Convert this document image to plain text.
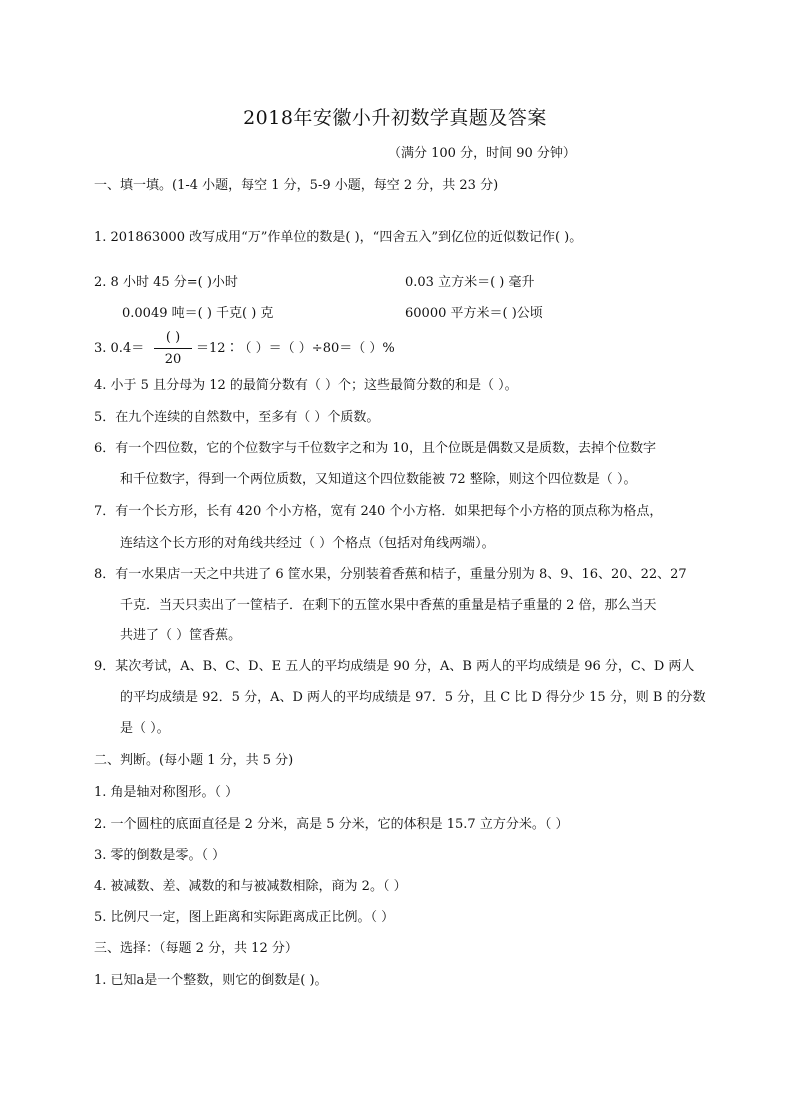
2018年安徽小升初数学真题及答案
（满分 100 分，时间 90 分钟）
一、填一填。(1-4 小题，每空 1 分，5-9 小题，每空 2 分，共 23 分)
1. 201863000 改写成用“万”作单位的数是( )，“四舍五入”到亿位的近似数记作( )。
2. 8 小时 45 分=( )小时	0.03 立方米＝( ) 毫升
0.0049 吨＝( ) 千克( ) 克	60000 平方米＝( )公顷
3. 0.4＝
( )
20
＝12∶（ ）＝（ ）÷80＝（ ）%
4. 小于 5 且分母为 12 的最简分数有（ ）个；这些最简分数的和是（ ）。
5．在九个连续的自然数中，至多有（ ）个质数。
6．有一个四位数，它的个位数字与千位数字之和为 10，且个位既是偶数又是质数，去掉个位数字
和千位数字，得到一个两位质数，又知道这个四位数能被 72 整除，则这个四位数是（ ）。
7．有一个长方形，长有 420 个小方格，宽有 240 个小方格．如果把每个小方格的顶点称为格点，
连结这个长方形的对角线共经过（ ）个格点（包括对角线两端）。
8．有一水果店一天之中共进了 6 筐水果，分别装着香蕉和桔子，重量分别为 8、9、16、20、22、27
千克．当天只卖出了一筐桔子．在剩下的五筐水果中香蕉的重量是桔子重量的 2 倍，那么当天
共进了（ ）筐香蕉。
9．某次考试，A、B、C、D、E 五人的平均成绩是 90 分，A、B 两人的平均成绩是 96 分，C、D 两人
的平均成绩是 92．5 分，A、D 两人的平均成绩是 97．5 分，且 C 比 D 得分少 15 分，则 B 的分数
是（ ）。
二、判断。(每小题 1 分，共 5 分)
1. 角是轴对称图形。（ ）
2. 一个圆柱的底面直径是 2 分米，高是 5 分米，它的体积是 15.7 立方分米。（ ）
3. 零的倒数是零。（ ）
4. 被减数、差、减数的和与被减数相除，商为 2。（ ）
5. 比例尺一定，图上距离和实际距离成正比例。（ ）
三、选择：（每题 2 分，共 12 分）
1. 已知a是一个整数，则它的倒数是( )。
